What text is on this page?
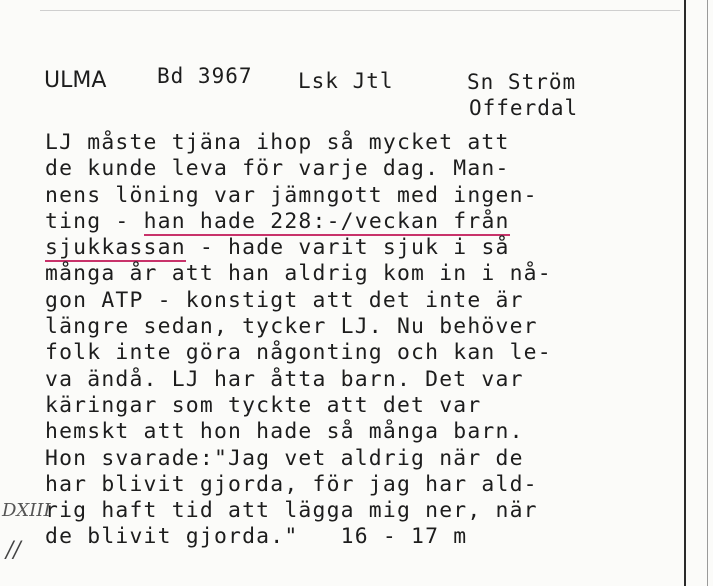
ULMA Bd 3967 Lsk Jtl	Sn Ström
Offerdal
LJ måste tjäna ihop så mycket att
de kunde leva för varje dag. Man-
nens löning var jämngott med ingen-
ting - han hade 228:-/veckan från
sjukkassan - hade varit sjuk i så
många år att han aldrig kom in i nå-
gon ATP - konstigt att det inte är
längre sedan, tycker LJ. Nu behöver
folk inte göra någonting och kan le-
va ändå. LJ har åtta barn. Det var
käringar som tyckte att det var
hemskt att hon hade så många barn.
Hon svarade:"Jag vet aldrig när de
har blivit gjorda, för jag har ald-
rig haft tid att lägga mig ner, när
de blivit gjorda."   16 - 17 m
DXIII
//
